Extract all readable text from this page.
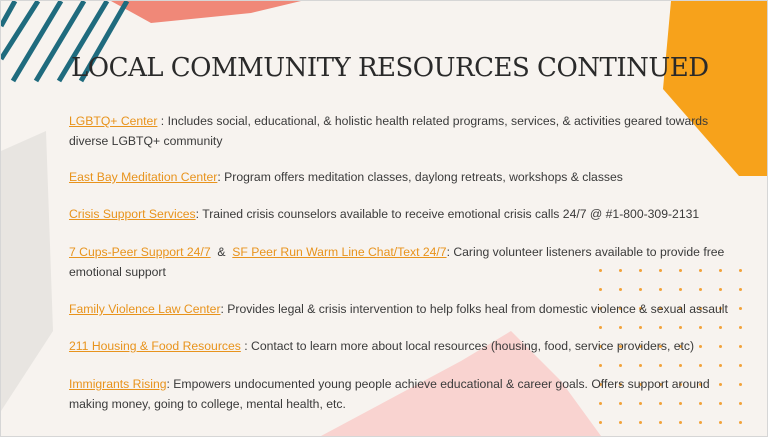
LOCAL COMMUNITY RESOURCES CONTINUED
LGBTQ+ Center : Includes social, educational, & holistic health related programs, services, & activities geared towards diverse LGBTQ+ community
East Bay Meditation Center: Program offers meditation classes, daylong retreats, workshops & classes
Crisis Support Services: Trained crisis counselors available to receive emotional crisis calls 24/7 @ #1-800-309-2131
7 Cups-Peer Support 24/7  &  SF Peer Run Warm Line Chat/Text 24/7: Caring volunteer listeners available to provide free emotional support
Family Violence Law Center: Provides legal & crisis intervention to help folks heal from domestic violence & sexual assault
211 Housing & Food Resources : Contact to learn more about local resources (housing, food, service providers, etc)
Immigrants Rising: Empowers undocumented young people achieve educational & career goals. Offers support around making money, going to college, mental health, etc.
